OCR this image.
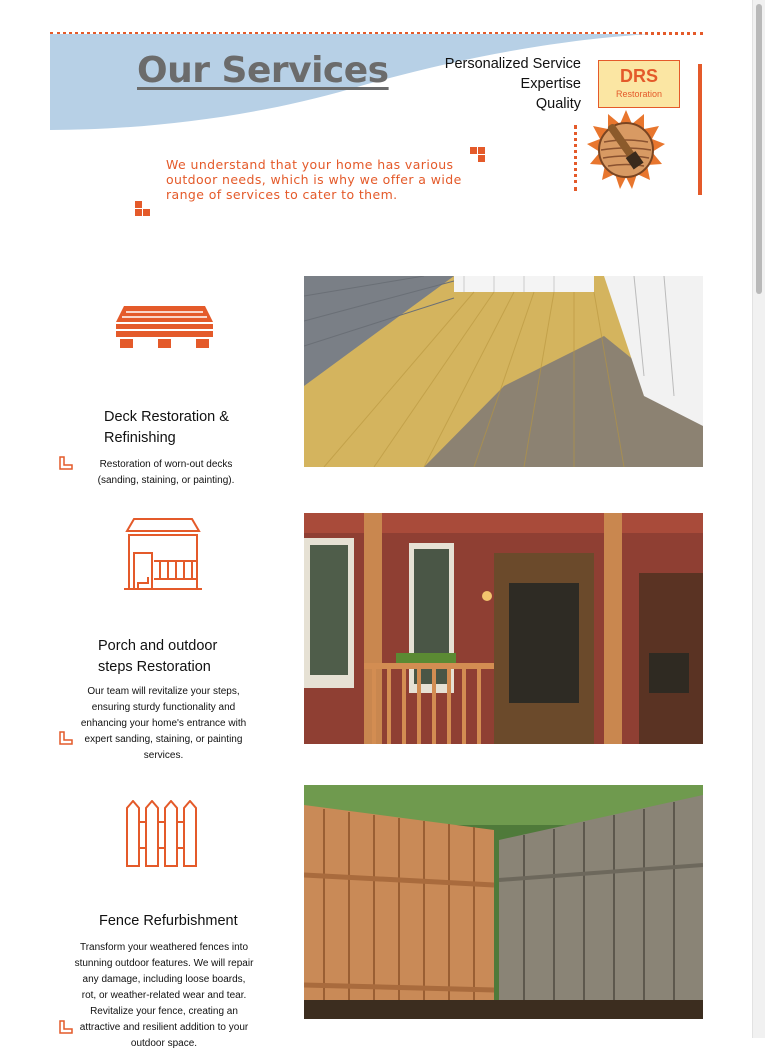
Our Services	Personalized Service
Expertise
Quality
DRS
Restoration
We understand that your home has various outdoor needs, which is why we offer a wide range of services to cater to them.
Deck Restoration & Refinishing
Restoration of worn-out decks (sanding, staining, or painting).
Porch and outdoor steps Restoration
Our team will revitalize your steps, ensuring sturdy functionality and enhancing your home's entrance with expert sanding, staining, or painting services.
Fence Refurbishment
Transform your weathered fences into stunning outdoor features. We will repair any damage, including loose boards, rot, or weather-related wear and tear. Revitalize your fence, creating an attractive and resilient addition to your outdoor space.
